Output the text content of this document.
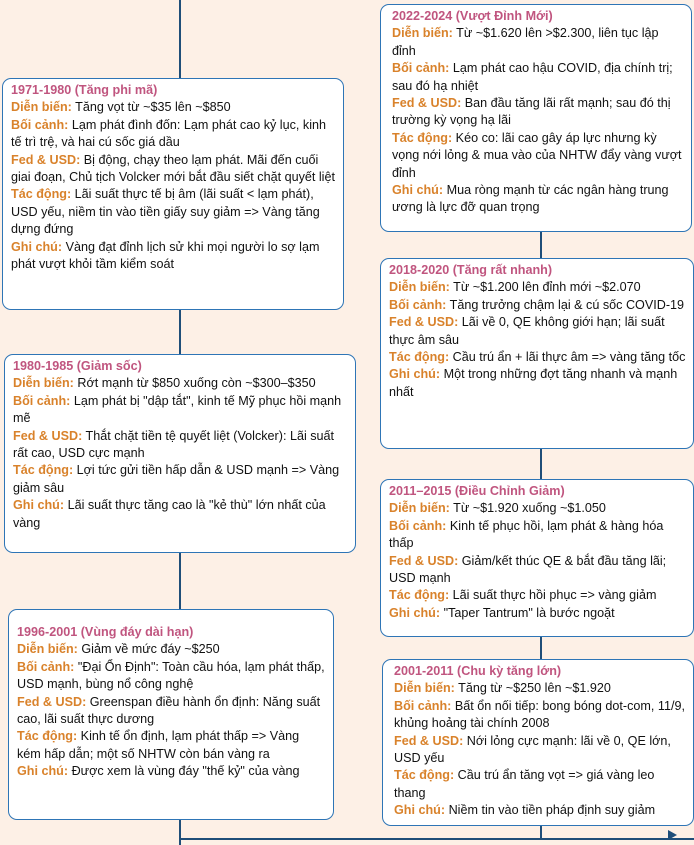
1971-1980 (Tăng phi mã)
Diễn biến: Tăng vọt từ ~$35 lên ~$850
Bối cảnh: Lạm phát đình đốn: Lạm phát cao kỷ lục, kinh tế trì trệ, và hai cú sốc giá dầu
Fed & USD: Bị động, chạy theo lạm phát. Mãi đến cuối giai đoạn, Chủ tịch Volcker mới bắt đầu siết chặt quyết liệt
Tác động: Lãi suất thực tế bị âm (lãi suất < lạm phát), USD yếu, niềm tin vào tiền giấy suy giảm => Vàng tăng dựng đứng
Ghi chú: Vàng đạt đỉnh lịch sử khi mọi người lo sợ lạm phát vượt khỏi tầm kiểm soát
1980-1985 (Giảm sốc)
Diễn biến: Rớt mạnh từ $850 xuống còn ~$300–$350
Bối cảnh: Lạm phát bị "dập tắt", kinh tế Mỹ phục hồi mạnh mẽ
Fed & USD: Thắt chặt tiền tệ quyết liệt (Volcker): Lãi suất rất cao, USD cực mạnh
Tác động: Lợi tức gửi tiền hấp dẫn & USD mạnh => Vàng giảm sâu
Ghi chú: Lãi suất thực tăng cao là "kẻ thù" lớn nhất của vàng
1996-2001 (Vùng đáy dài hạn)
Diễn biến: Giảm về mức đáy ~$250
Bối cảnh: "Đại Ổn Định": Toàn cầu hóa, lạm phát thấp, USD mạnh, bùng nổ công nghệ
Fed & USD: Greenspan điều hành ổn định: Năng suất cao, lãi suất thực dương
Tác động: Kinh tế ổn định, lạm phát thấp => Vàng kém hấp dẫn; một số NHTW còn bán vàng ra
Ghi chú: Được xem là vùng đáy "thế kỷ" của vàng
2022-2024 (Vượt Đỉnh Mới)
Diễn biến: Từ ~$1.620 lên >$2.300, liên tục lập đỉnh
Bối cảnh: Lạm phát cao hậu COVID, địa chính trị; sau đó hạ nhiệt
Fed & USD: Ban đầu tăng lãi rất mạnh; sau đó thị trường kỳ vọng hạ lãi
Tác động: Kéo co: lãi cao gây áp lực nhưng kỳ vọng nới lỏng & mua vào của NHTW đẩy vàng vượt đỉnh
Ghi chú: Mua ròng mạnh từ các ngân hàng trung ương là lực đỡ quan trọng
2018-2020 (Tăng rất nhanh)
Diễn biến: Từ ~$1.200 lên đỉnh mới ~$2.070
Bối cảnh: Tăng trưởng chậm lại & cú sốc COVID-19
Fed & USD: Lãi về 0, QE không giới hạn; lãi suất thực âm sâu
Tác động: Cầu trú ẩn + lãi thực âm => vàng tăng tốc
Ghi chú: Một trong những đợt tăng nhanh và mạnh nhất
2011–2015 (Điều Chỉnh Giảm)
Diễn biến: Từ ~$1.920 xuống ~$1.050
Bối cảnh: Kinh tế phục hồi, lạm phát & hàng hóa thấp
Fed & USD: Giảm/kết thúc QE & bắt đầu tăng lãi; USD mạnh
Tác động: Lãi suất thực hồi phục => vàng giảm
Ghi chú: "Taper Tantrum" là bước ngoặt
2001-2011 (Chu kỳ tăng lớn)
Diễn biến: Tăng từ ~$250 lên ~$1.920
Bối cảnh: Bất ổn nối tiếp: bong bóng dot-com, 11/9, khủng hoảng tài chính 2008
Fed & USD: Nới lỏng cực mạnh: lãi về 0, QE lớn, USD yếu
Tác động: Cầu trú ẩn tăng vọt => giá vàng leo thang
Ghi chú: Niềm tin vào tiền pháp định suy giảm
